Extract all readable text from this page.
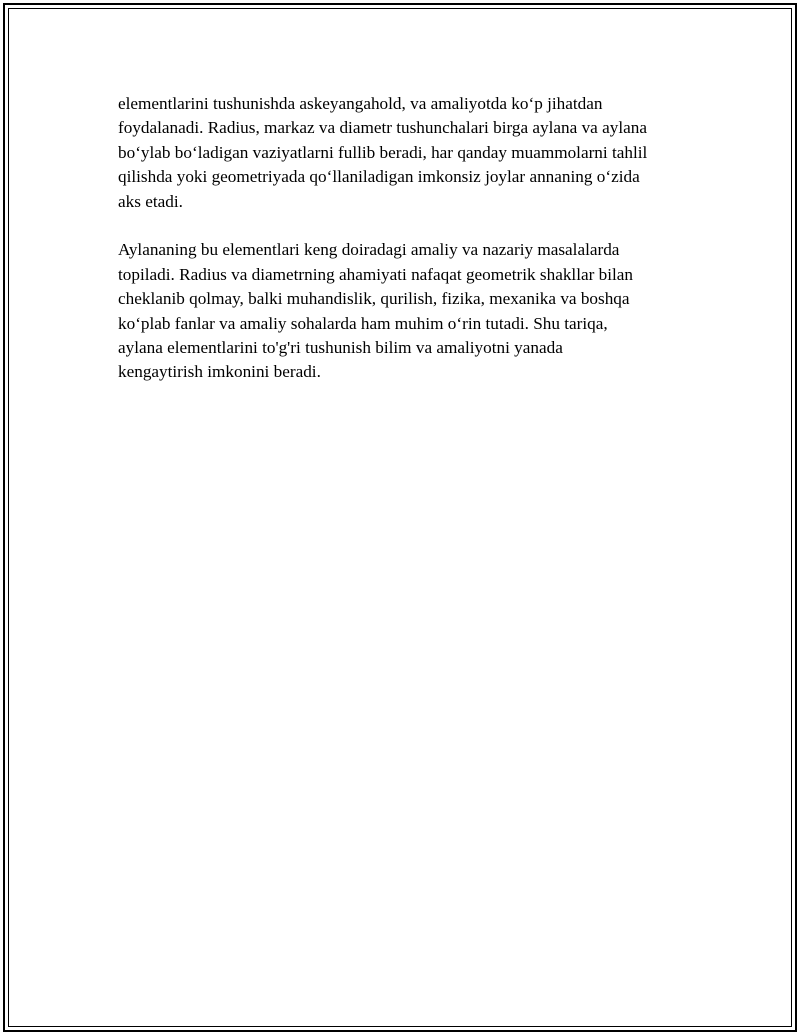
elementlarini tushunishda askeyangahold, va amaliyotda ko‘p jihatdan
foydalanadi. Radius, markaz va diametr tushunchalari birga aylana va aylana
bo‘ylab bo‘ladigan vaziyatlarni fullib beradi, har qanday muammolarni tahlil
qilishda yoki geometriyada qo‘llaniladigan imkonsiz joylar annaning o‘zida
aks etadi.

Aylananing bu elementlari keng doiradagi amaliy va nazariy masalalarda
topiladi. Radius va diametrning ahamiyati nafaqat geometrik shakllar bilan
cheklanib qolmay, balki muhandislik, qurilish, fizika, mexanika va boshqa
ko‘plab fanlar va amaliy sohalarda ham muhim o‘rin tutadi. Shu tariqa,
aylana elementlarini to'g'ri tushunish bilim va amaliyotni yanada
kengaytirish imkonini beradi.
